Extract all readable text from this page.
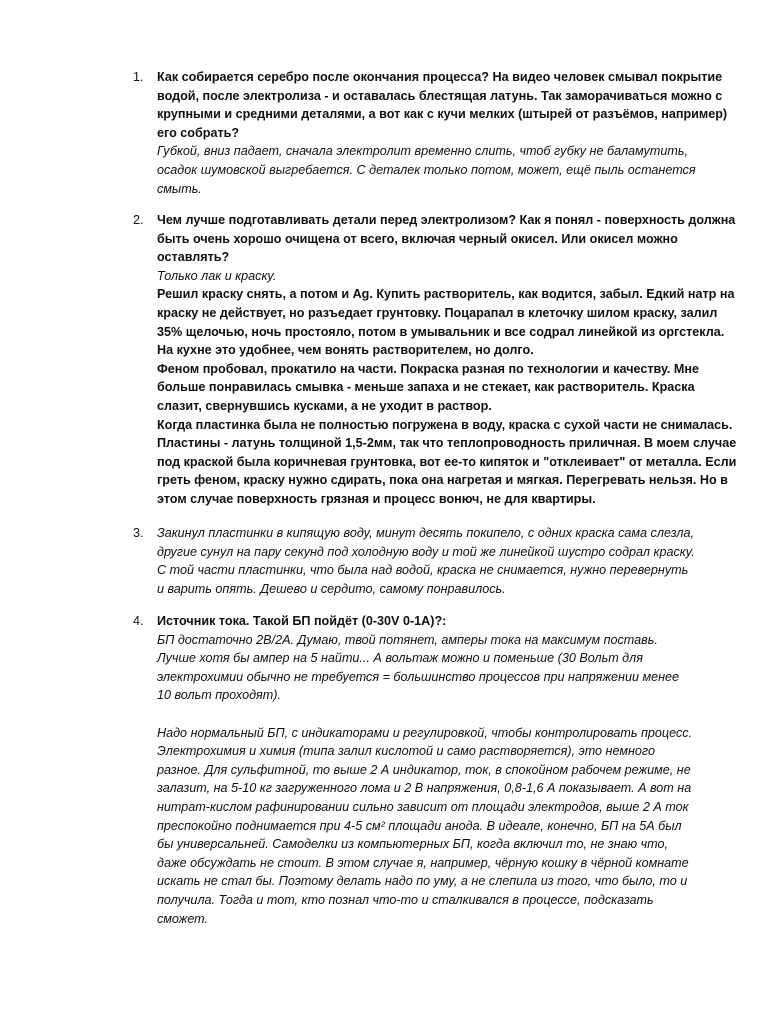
1.	Как собирается серебро после окончания процесса? На видео человек смывал покрытие
водой, после электролиза - и оставалась блестящая латунь. Так заморачиваться можно с
крупными и средними деталями, а вот как с кучи мелких (штырей от разъёмов, например)
его собрать?
Губкой, вниз падает, сначала электролит временно слить, чтоб губку не баламутить,
осадок шумовской выгребается. С деталек только потом, может, ещё пыль останется
смыть.
2.	Чем лучше подготавливать детали перед электролизом? Как я понял - поверхность должна
быть очень хорошо очищена от всего, включая черный окисел. Или окисел можно
оставлять?
Только лак и краску.
Решил краску снять, а потом и Ag. Купить растворитель, как водится, забыл. Едкий натр на
краску не действует, но разъедает грунтовку. Поцарапал в клеточку шилом краску, залил
35% щелочью, ночь простояло, потом в умывальник и все содрал линейкой из оргстекла.
На кухне это удобнее, чем вонять растворителем, но долго.
Феном пробовал, прокатило на части. Покраска разная по технологии и качеству. Мне
больше понравилась смывка - меньше запаха и не стекает, как растворитель. Краска
слазит, свернувшись кусками, а не уходит в раствор.
Когда пластинка была не полностью погружена в воду, краска с сухой части не снималась.
Пластины - латунь толщиной 1,5-2мм, так что теплопроводность приличная. В моем случае
под краской была коричневая грунтовка, вот ее-то кипяток и "отклеивает" от металла. Если
греть феном, краску нужно сдирать, пока она нагретая и мягкая. Перегревать нельзя. Но в
этом случае поверхность грязная и процесс вонюч, не для квартиры.
3.	Закинул пластинки в кипящую воду, минут десять покипело, с одних краска сама слезла,
другие сунул на пару секунд под холодную воду и той же линейкой шустро содрал краску.
С той части пластинки, что была над водой, краска не снимается, нужно перевернуть
и варить опять. Дешево и сердито, самому понравилось.
4.	Источник тока. Такой БП пойдёт (0-30V 0-1A)?:
БП достаточно 2В/2А. Думаю, твой потянет, амперы тока на максимум поставь.
Лучше хотя бы ампер на 5 найти... А вольтаж можно и поменьше (30 Вольт для
электрохимии обычно не требуется = большинство процессов при напряжении менее
10 вольт проходят).
Надо нормальный БП, с индикаторами и регулировкой, чтобы контролировать процесс.
Электрохимия и химия (типа залил кислотой и само растворяется), это немного
разное. Для сульфитной, то выше 2 А индикатор, ток, в спокойном рабочем режиме, не
залазит, на 5-10 кг загруженного лома и 2 В напряжения, 0,8-1,6 А показывает. А вот на
нитрат-кислом рафинировании сильно зависит от площади электродов, выше 2 А ток
преспокойно поднимается при 4-5 см² площади анода. В идеале, конечно, БП на 5А был
бы универсальней. Самоделки из компьютерных БП, когда включил то, не знаю что,
даже обсуждать не стоит. В этом случае я, например, чёрную кошку в чёрной комнате
искать не стал бы. Поэтому делать надо по уму, а не слепила из того, что было, то и
получила. Тогда и тот, кто познал что-то и сталкивался в процессе, подсказать
сможет.
